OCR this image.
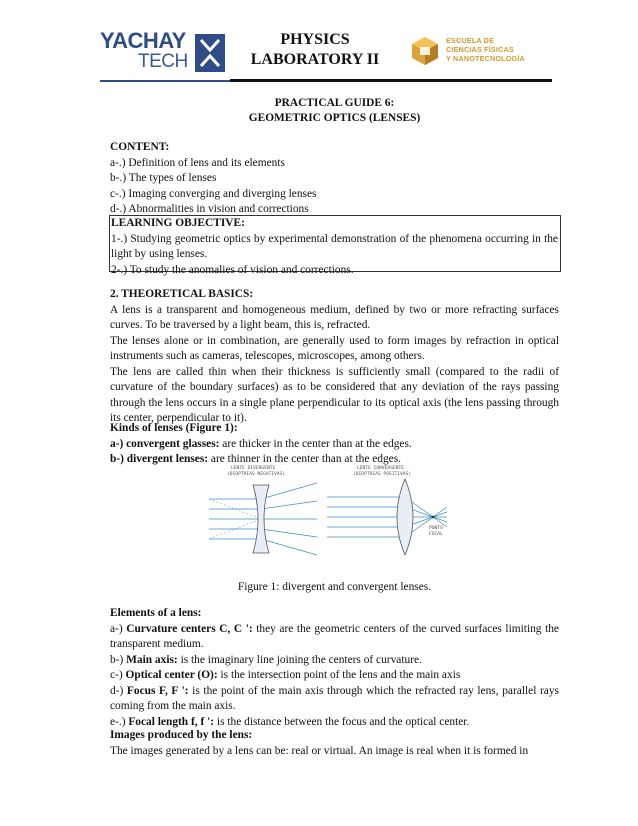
YACHAY
TECH
PHYSICS
LABORATORY II
ESCUELA DE
CIENCIAS FÍSICAS
Y NANOTECNOLOGÍA
PRACTICAL GUIDE 6:
GEOMETRIC OPTICS (LENSES)
CONTENT:
a-.) Definition of lens and its elements
b-.) The types of lenses
c-.) Imaging converging and diverging lenses
d-.) Abnormalities in vision and corrections
LEARNING OBJECTIVE:
1-.) Studying geometric optics by experimental demonstration of the phenomena occurring in the light by using lenses.
2-.) To study the anomalies of vision and corrections.
2. THEORETICAL BASICS:
A lens is a transparent and homogeneous medium, defined by two or more refracting surfaces curves. To be traversed by a light beam, this is, refracted.
The lenses alone or in combination, are generally used to form images by refraction in optical instruments such as cameras, telescopes, microscopes, among others.
The lens are called thin when their thickness is sufficiently small (compared to the radii of curvature of the boundary surfaces) as to be considered that any deviation of the rays passing through the lens occurs in a single plane perpendicular to its optical axis (the lens passing through its center, perpendicular to it).
Kinds of lenses (Figure 1):
a-) convergent glasses: are thicker in the center than at the edges.
b-) divergent lenses: are thinner in the center than at the edges.
LENTE DIVERGENTE
(DIOPTRIAS NEGATIVAS)
LENTE CONVERGENTE
(DIOPTRIAS POSITIVAS)
PUNTO
FOCAL
Figure 1: divergent and convergent lenses.
Elements of a lens:
a-) Curvature centers C, C ': they are the geometric centers of the curved surfaces limiting the transparent medium.
b-) Main axis: is the imaginary line joining the centers of curvature.
c-) Optical center (O): is the intersection point of the lens and the main axis
d-) Focus F, F ': is the point of the main axis through which the refracted ray lens, parallel rays coming from the main axis.
e-.) Focal length f, f ': is the distance between the focus and the optical center.
Images produced by the lens:
The images generated by a lens can be: real or virtual. An image is real when it is formed in
